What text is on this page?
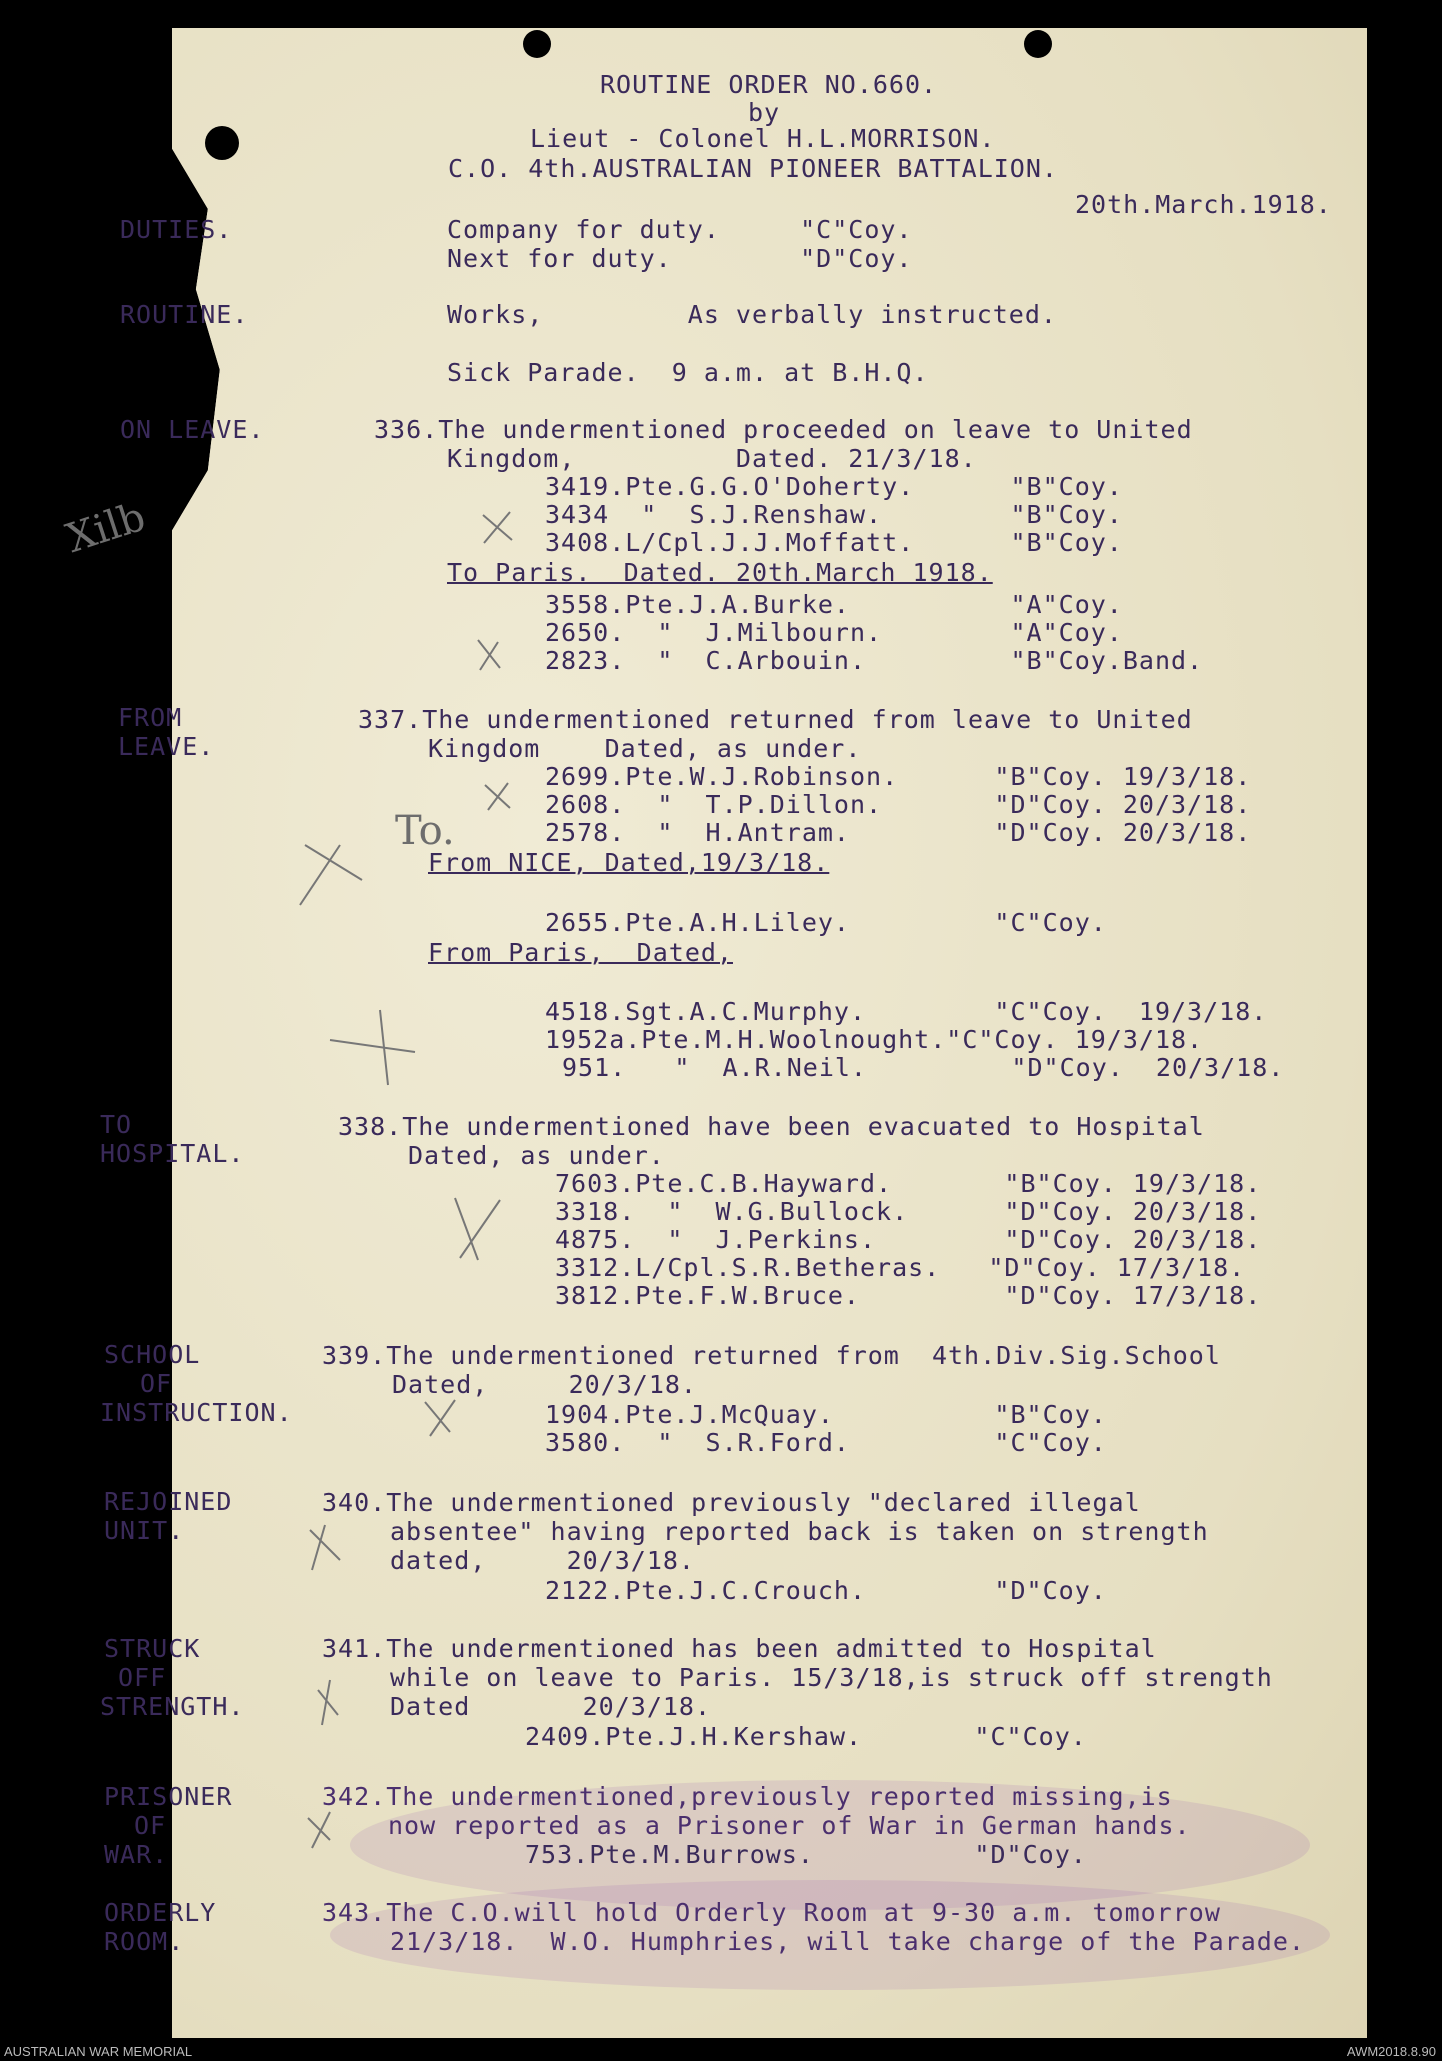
ROUTINE ORDER NO.660.
by
Lieut - Colonel H.L.MORRISON.
C.O. 4th.AUSTRALIAN PIONEER BATTALION.
20th.March.1918.
DUTIES.	Company for duty.     "C"Coy.
Next for duty.        "D"Coy.
ROUTINE.	Works,         As verbally instructed.
Sick Parade.  9 a.m. at B.H.Q.
ON LEAVE.	336.The undermentioned proceeded on leave to United
Kingdom,          Dated. 21/3/18.
3419.Pte.G.G.O'Doherty.      "B"Coy.
3434  "  S.J.Renshaw.        "B"Coy.
3408.L/Cpl.J.J.Moffatt.      "B"Coy.
To Paris.  Dated. 20th.March 1918.
3558.Pte.J.A.Burke.          "A"Coy.
2650.  "  J.Milbourn.        "A"Coy.
2823.  "  C.Arbouin.         "B"Coy.Band.
FROM
LEAVE.
337.The undermentioned returned from leave to United
Kingdom    Dated, as under.
2699.Pte.W.J.Robinson.      "B"Coy. 19/3/18.
2608.  "  T.P.Dillon.       "D"Coy. 20/3/18.
2578.  "  H.Antram.         "D"Coy. 20/3/18.
From NICE, Dated,19/3/18.
2655.Pte.A.H.Liley.         "C"Coy.
From Paris,  Dated,
4518.Sgt.A.C.Murphy.        "C"Coy.  19/3/18.
1952a.Pte.M.H.Woolnought."C"Coy. 19/3/18.
951.   "  A.R.Neil.         "D"Coy.  20/3/18.
TO
HOSPITAL.
338.The undermentioned have been evacuated to Hospital
Dated, as under.
7603.Pte.C.B.Hayward.       "B"Coy. 19/3/18.
3318.  "  W.G.Bullock.      "D"Coy. 20/3/18.
4875.  "  J.Perkins.        "D"Coy. 20/3/18.
3312.L/Cpl.S.R.Betheras.   "D"Coy. 17/3/18.
3812.Pte.F.W.Bruce.         "D"Coy. 17/3/18.
SCHOOL
OF
INSTRUCTION.
339.The undermentioned returned from  4th.Div.Sig.School
Dated,     20/3/18.
1904.Pte.J.McQuay.          "B"Coy.
3580.  "  S.R.Ford.         "C"Coy.
REJOINED
UNIT.
340.The undermentioned previously "declared illegal
absentee" having reported back is taken on strength
dated,     20/3/18.
2122.Pte.J.C.Crouch.        "D"Coy.
STRUCK
OFF
STRENGTH.
341.The undermentioned has been admitted to Hospital
while on leave to Paris. 15/3/18,is struck off strength
Dated       20/3/18.
2409.Pte.J.H.Kershaw.       "C"Coy.
PRISONER
OF
WAR.
342.The undermentioned,previously reported missing,is
now reported as a Prisoner of War in German hands.
753.Pte.M.Burrows.          "D"Coy.
ORDERLY
ROOM.
343.The C.O.will hold Orderly Room at 9-30 a.m. tomorrow
21/3/18.  W.O. Humphries, will take charge of the Parade.
Xilb
To.
AUSTRALIAN WAR MEMORIAL	AWM2018.8.90
